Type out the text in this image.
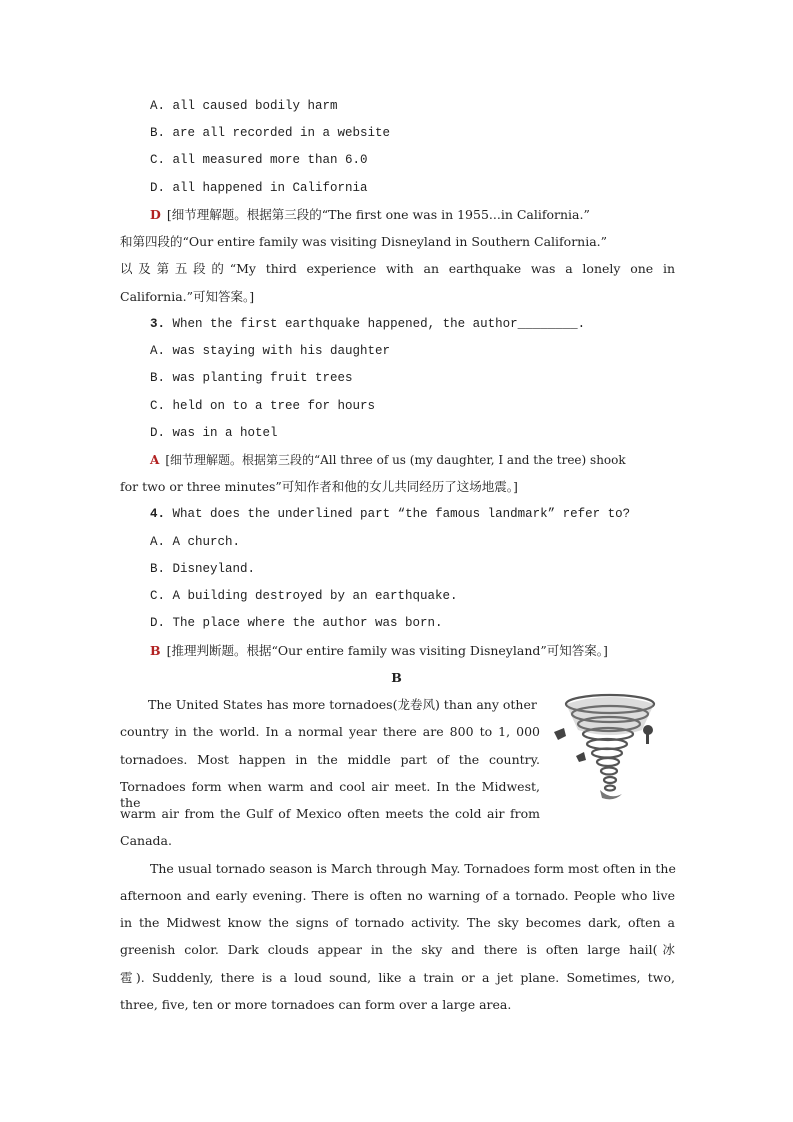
A. all caused bodily harm
B. are all recorded in a website
C. all measured more than 6.0
D. all happened in California
D [细节理解题。根据第三段的“The first one was in 1955...in California.”
和第四段的“Our entire family was visiting Disneyland in Southern California.”
以及第五段的“My third experience with an earthquake was a lonely one in
California.”可知答案。]
3. When the first earthquake happened, the author________.
A. was staying with his daughter
B. was planting fruit trees
C. held on to a tree for hours
D. was in a hotel
A [细节理解题。根据第三段的“All three of us (my daughter, I and the tree) shook
for two or three minutes”可知作者和他的女儿共同经历了这场地震。]
4. What does the underlined part “the famous landmark” refer to?
A. A church.
B. Disneyland.
C. A building destroyed by an earthquake.
D. The place where the author was born.
B [推理判断题。根据“Our entire family was visiting Disneyland”可知答案。]
B
The United States has more tornadoes(龙卷风) than any other
country in the world. In a normal year there are 800 to 1, 000
tornadoes. Most happen in the middle part of the country.
Tornadoes form when warm and cool air meet. In the Midwest, the
warm air from the Gulf of Mexico often meets the cold air from
Canada.
The usual tornado season is March through May. Tornadoes form most often in the
afternoon and early evening. There is often no warning of a tornado. People who live
in the Midwest know the signs of tornado activity. The sky becomes dark, often a
greenish color. Dark clouds appear in the sky and there is often large hail(冰
雹). Suddenly, there is a loud sound, like a train or a jet plane. Sometimes, two,
three, five, ten or more tornadoes can form over a large area.
